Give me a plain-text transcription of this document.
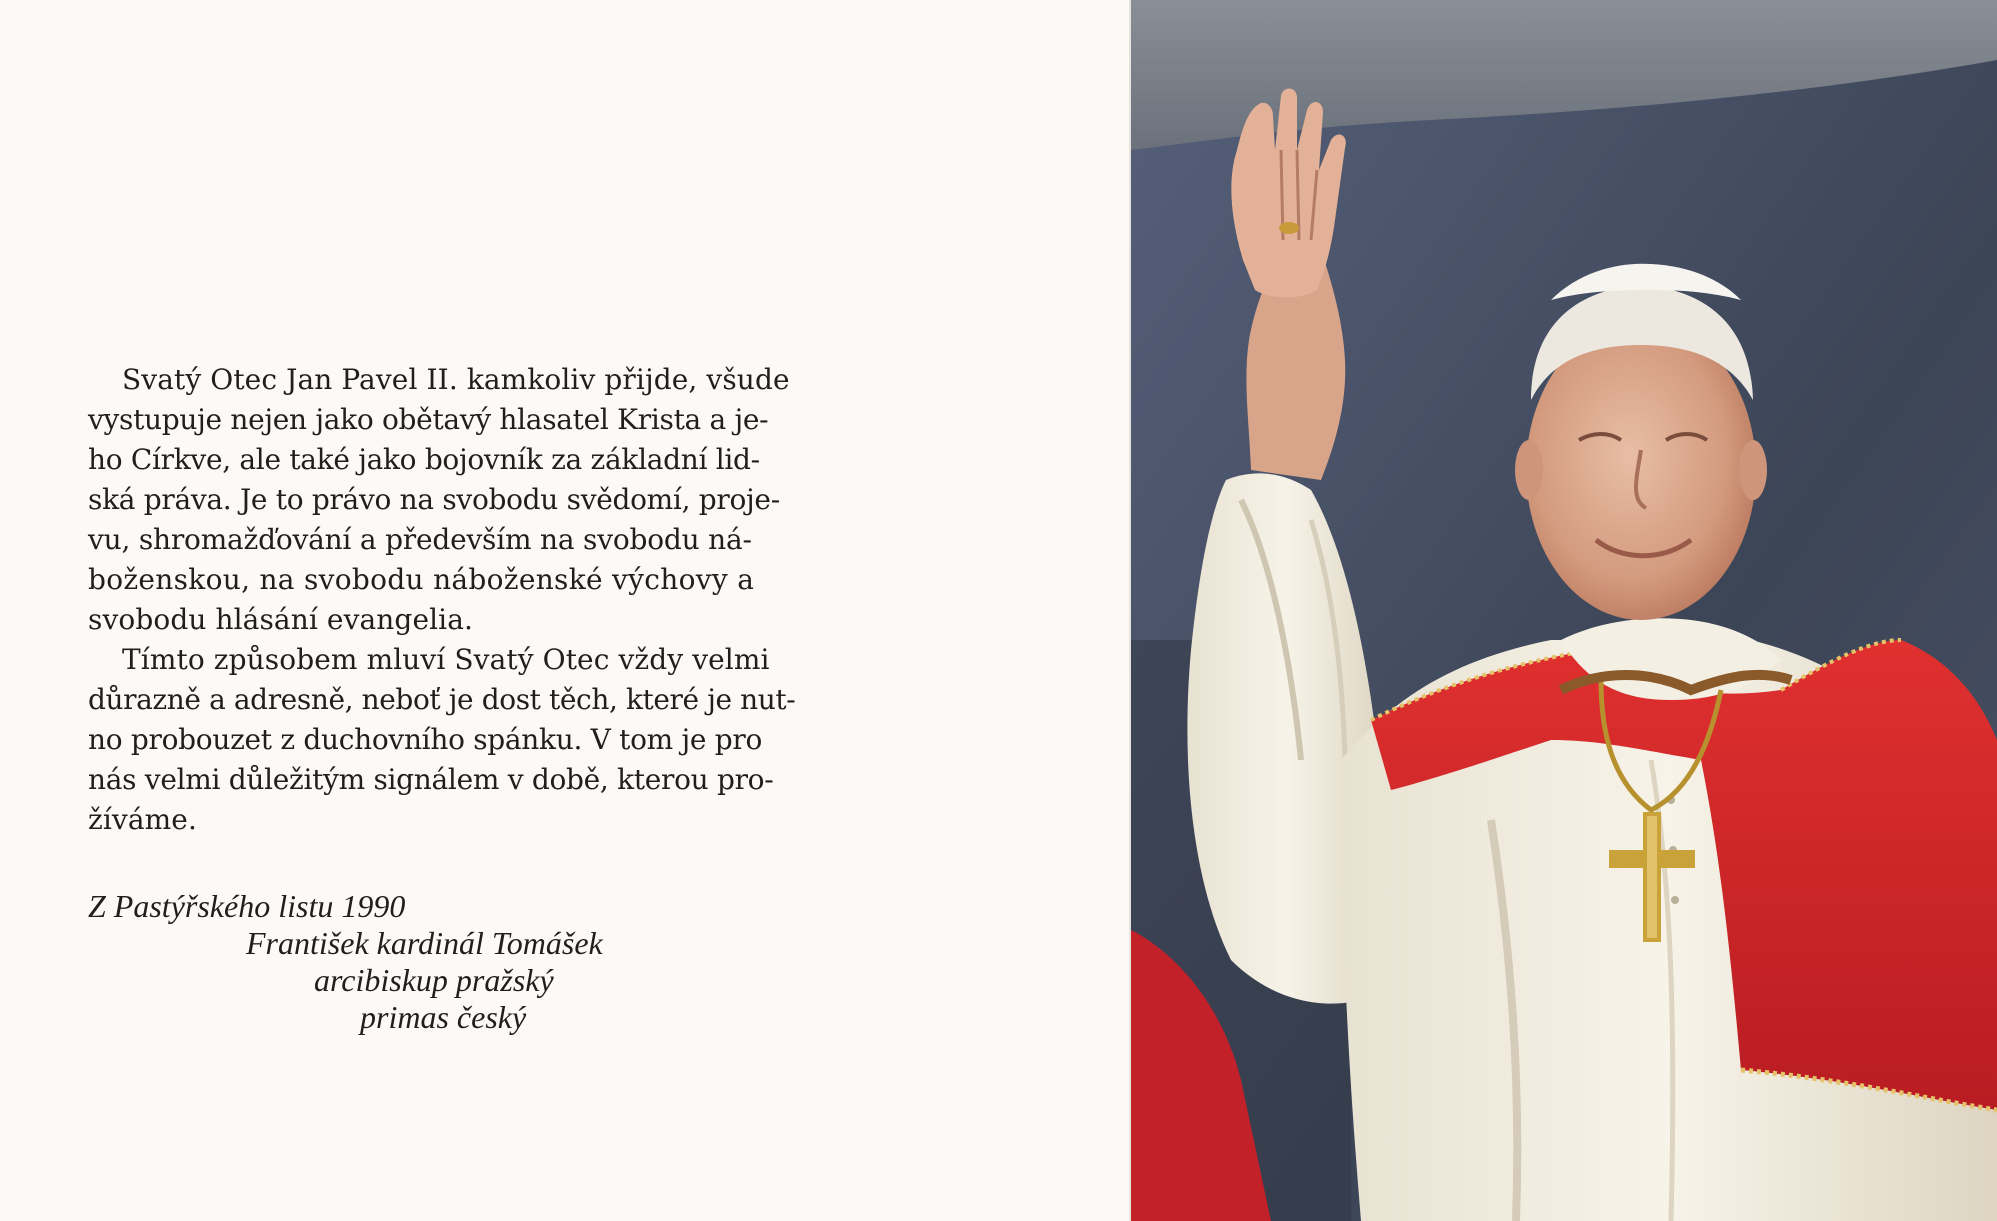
Svatý Otec Jan Pavel II. kamkoliv přijde, všude
vystupuje nejen jako obětavý hlasatel Krista a je-
ho Církve, ale také jako bojovník za základní lid-
ská práva. Je to právo na svobodu svědomí, proje-
vu, shromažďování a především na svobodu ná-
boženskou, na svobodu náboženské výchovy a
svobodu hlásání evangelia.
Tímto způsobem mluví Svatý Otec vždy velmi
důrazně a adresně, neboť je dost těch, které je nut-
no probouzet z duchovního spánku. V tom je pro
nás velmi důležitým signálem v době, kterou pro-
žíváme.
Z Pastýřského listu 1990
František kardinál Tomášek
arcibiskup pražský
primas český
